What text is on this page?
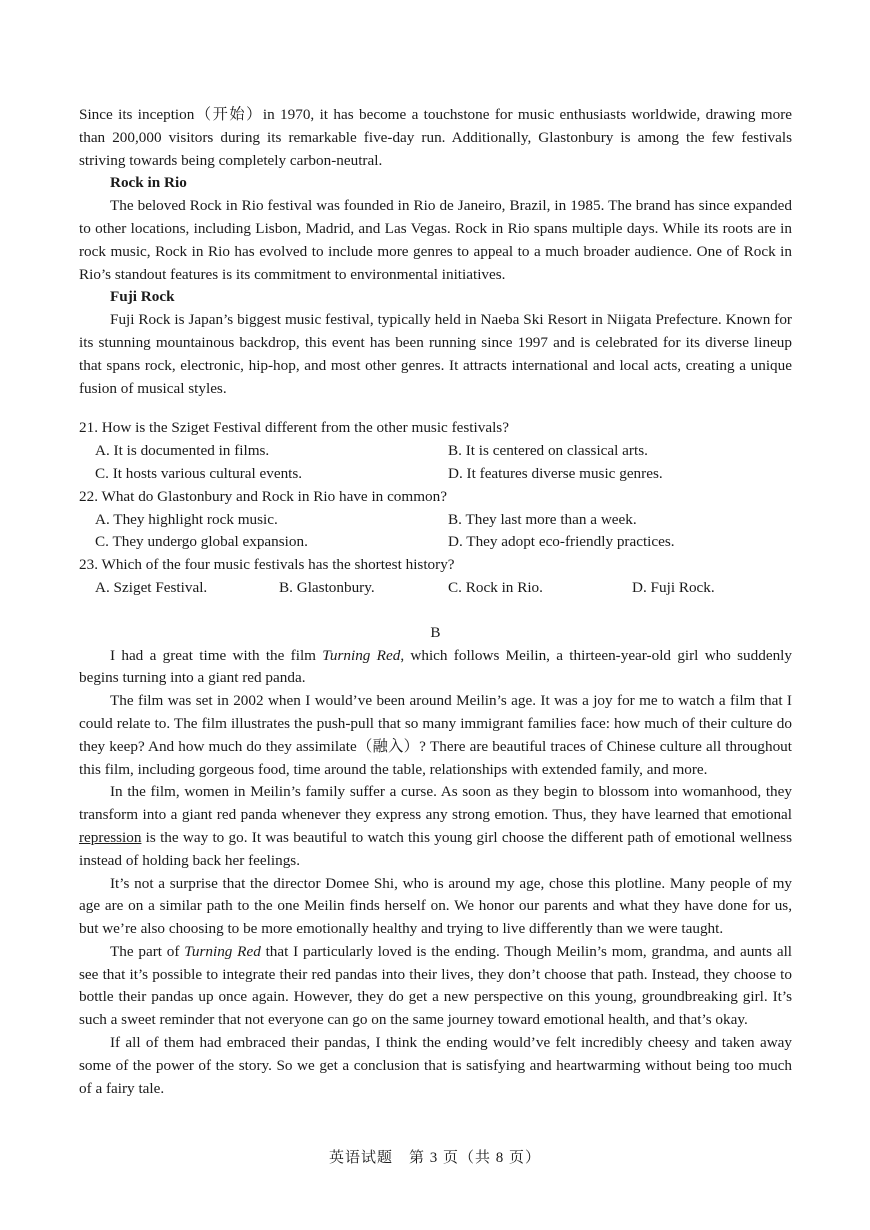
Since its inception（开始）in 1970, it has become a touchstone for music enthusiasts worldwide, drawing more than 200,000 visitors during its remarkable five-day run. Additionally, Glastonbury is among the few festivals striving towards being completely carbon-neutral.

Rock in Rio

The beloved Rock in Rio festival was founded in Rio de Janeiro, Brazil, in 1985. The brand has since expanded to other locations, including Lisbon, Madrid, and Las Vegas. Rock in Rio spans multiple days. While its roots are in rock music, Rock in Rio has evolved to include more genres to appeal to a much broader audience. One of Rock in Rio’s standout features is its commitment to environmental initiatives.

Fuji Rock

Fuji Rock is Japan’s biggest music festival, typically held in Naeba Ski Resort in Niigata Prefecture. Known for its stunning mountainous backdrop, this event has been running since 1997 and is celebrated for its diverse lineup that spans rock, electronic, hip-hop, and most other genres. It attracts international and local acts, creating a unique fusion of musical styles.

21. How is the Sziget Festival different from the other music festivals?

A. It is documented in films.	B. It is centered on classical arts.
C. It hosts various cultural events.	D. It features diverse music genres.

22. What do Glastonbury and Rock in Rio have in common?

A. They highlight rock music.	B. They last more than a week.
C. They undergo global expansion.	D. They adopt eco-friendly practices.

23. Which of the four music festivals has the shortest history?

A. Sziget Festival.	B. Glastonbury.	C. Rock in Rio.	D. Fuji Rock.

B

I had a great time with the film Turning Red, which follows Meilin, a thirteen-year-old girl who suddenly begins turning into a giant red panda.

The film was set in 2002 when I would’ve been around Meilin’s age. It was a joy for me to watch a film that I could relate to. The film illustrates the push-pull that so many immigrant families face: how much of their culture do they keep? And how much do they assimilate（融入）? There are beautiful traces of Chinese culture all throughout this film, including gorgeous food, time around the table, relationships with extended family, and more.

In the film, women in Meilin’s family suffer a curse. As soon as they begin to blossom into womanhood, they transform into a giant red panda whenever they express any strong emotion. Thus, they have learned that emotional repression is the way to go. It was beautiful to watch this young girl choose the different path of emotional wellness instead of holding back her feelings.

It’s not a surprise that the director Domee Shi, who is around my age, chose this plotline. Many people of my age are on a similar path to the one Meilin finds herself on. We honor our parents and what they have done for us, but we’re also choosing to be more emotionally healthy and trying to live differently than we were taught.

The part of Turning Red that I particularly loved is the ending. Though Meilin’s mom, grandma, and aunts all see that it’s possible to integrate their red pandas into their lives, they don’t choose that path. Instead, they choose to bottle their pandas up once again. However, they do get a new perspective on this young, groundbreaking girl. It’s such a sweet reminder that not everyone can go on the same journey toward emotional health, and that’s okay.

If all of them had embraced their pandas, I think the ending would’ve felt incredibly cheesy and taken away some of the power of the story. So we get a conclusion that is satisfying and heartwarming without being too much of a fairy tale.

英语试题　第 3 页（共 8 页）
